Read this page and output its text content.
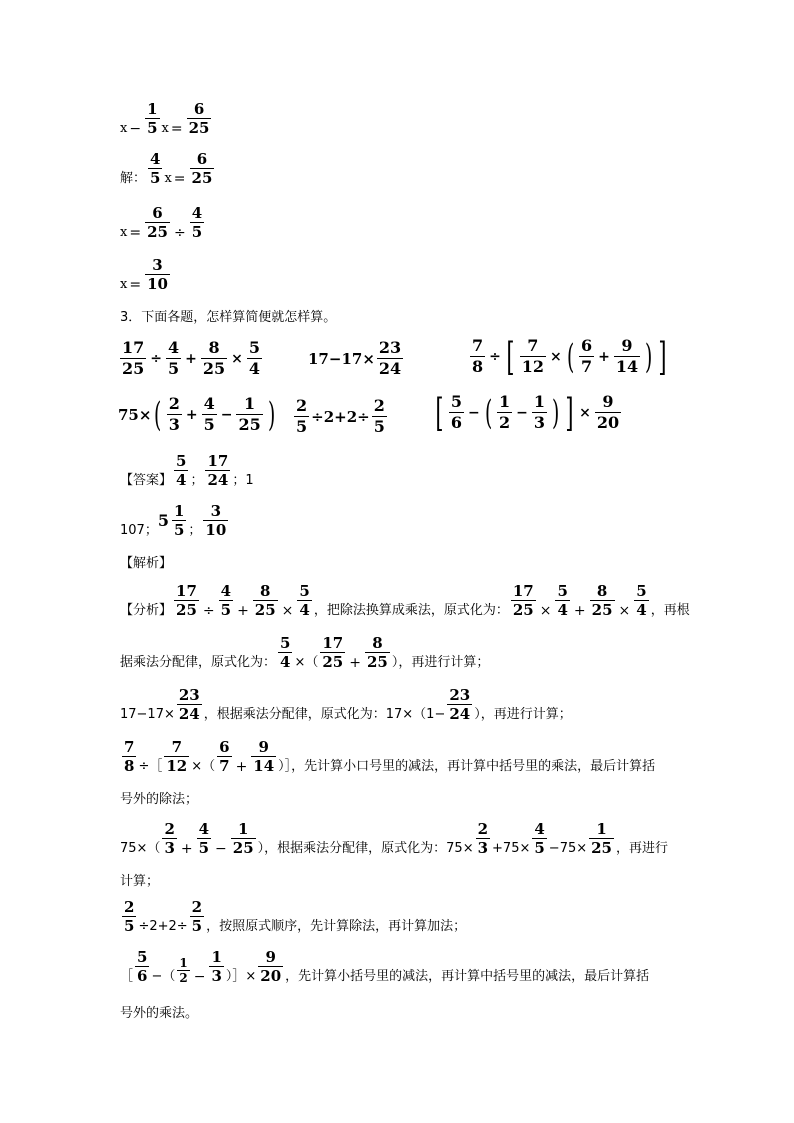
$x - \frac{1}{5}$ $x = \frac{6}{25}$
解：
4
5 $x = \frac{6}{25}$
$x = \frac{6}{25} \div \frac{4}{5}$
$x = \frac{3}{10}$
3．下面各题，怎样算简便就怎样算。
$\frac{17}{25} \div \frac{4}{5} + \frac{8}{25} \times \frac{5}{4}$	$17-17\times \frac{23}{24}$	$\frac{7}{8}$ ÷ [ $\frac{7}{12}$ × ( 6
7
+ $\frac{9}{14}$ ) ]
75× ( 2
3
+ $\frac{4}{5} - \frac{1}{25}$ ) $\frac{2}{5} \div 2+2\div \frac{2}{5}$ [ 5
6
− ( 1
2
− $\frac{1}{3}$ ) ] × $\frac{9}{20}$
【答案】
5
4 ；
17
24 ；1
107；
5 1
5 ；
3
10
【解析】
【分析】 $\frac{17}{25} \div \frac{4}{5} + \frac{8}{25} \times \frac{5}{4}$ ，把除法换算成乘法，原式化为： $\frac{17}{25} \times \frac{5}{4} + \frac{8}{25} \times \frac{5}{4}$ ，再根
据乘法分配律，原式化为： $\frac{5}{4}$ ×（
17
$25 + \frac{8}{25}$ ），再进行计算；
$17-17\times \frac{23}{24}$ ，根据乘法分配律，原式化为：$17\times(1- \frac{23}{24}$ ），再进行计算；
$\frac{7}{8}$ ÷［ $\frac{7}{12}$ ×（
6
$7 + \frac{9}{14}$ ）］，先计算小口号里的减法，再计算中括号里的乘法，最后计算括
号外的除法；
75×（
2
$3 + \frac{4}{5} - \frac{1}{25}$ ），根据乘法分配律，原式化为：$75\times \frac{2}{3} +75\times \frac{4}{5} -75\times \frac{1}{25}$ ，再进行
计算；
$\frac{2}{5} \div 2+2\div \frac{2}{5}$ ，按照原式顺序，先计算除法，再计算加法；
［
5
6 −（
1
$2 - \frac{1}{3}$ ）］× $\frac{9}{20}$ ，先计算小括号里的减法，再计算中括号里的减法，最后计算括
号外的乘法。
